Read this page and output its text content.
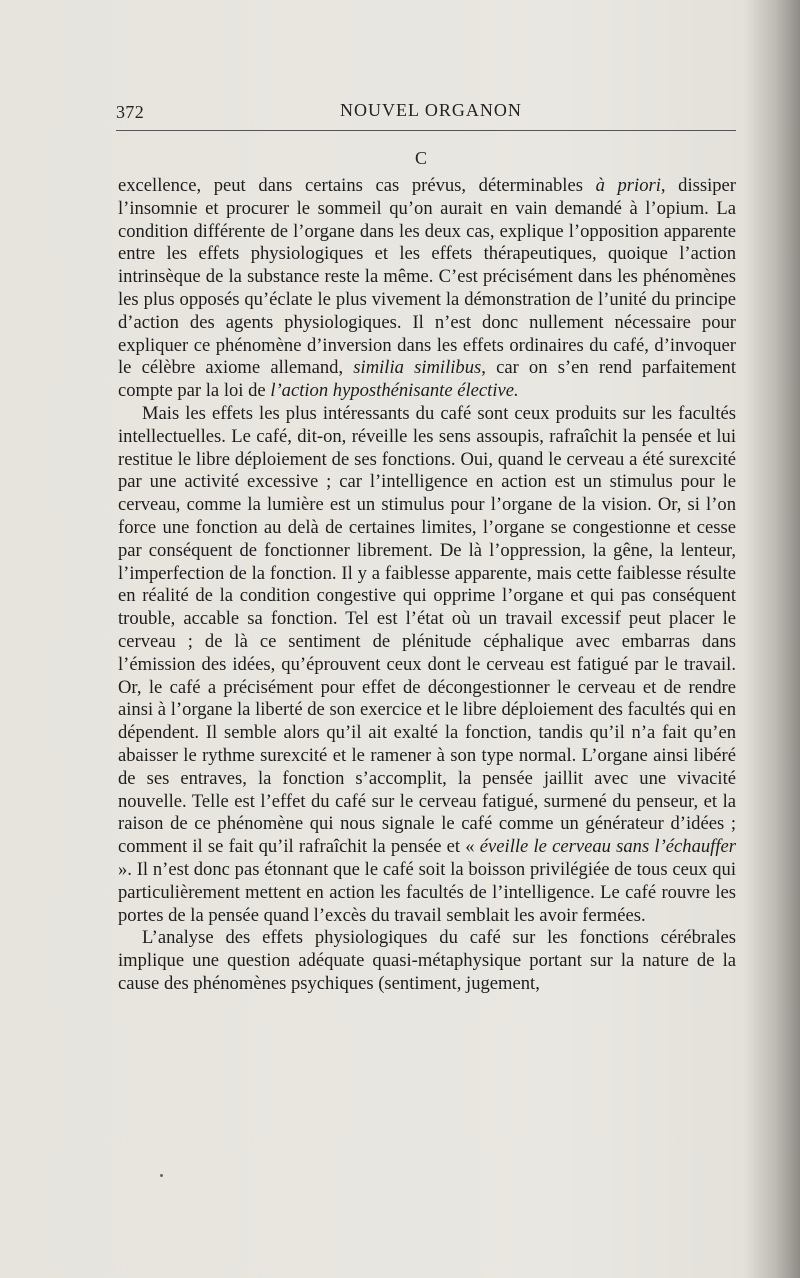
372	NOUVEL ORGANON
C

excellence, peut dans certains cas prévus, déterminables à priori, dissiper l’insomnie et procurer le sommeil qu’on aurait en vain demandé à l’opium. La condition différente de l’organe dans les deux cas, explique l’opposition apparente entre les effets physiologiques et les effets thérapeutiques, quoique l’action intrinsèque de la substance reste la même. C’est précisément dans les phénomènes les plus opposés qu’éclate le plus vivement la démonstration de l’unité du principe d’action des agents physiologiques. Il n’est donc nullement nécessaire pour expliquer ce phénomène d’inversion dans les effets ordinaires du café, d’invoquer le célèbre axiome allemand, similia similibus, car on s’en rend parfaitement compte par la loi de l’action hyposthénisante élective.

Mais les effets les plus intéressants du café sont ceux produits sur les facultés intellectuelles. Le café, dit-on, réveille les sens assoupis, rafraîchit la pensée et lui restitue le libre déploiement de ses fonctions. Oui, quand le cerveau a été surexcité par une activité excessive ; car l’intelligence en action est un stimulus pour le cerveau, comme la lumière est un stimulus pour l’organe de la vision. Or, si l’on force une fonction au delà de certaines limites, l’organe se congestionne et cesse par conséquent de fonctionner librement. De là l’oppression, la gêne, la lenteur, l’imperfection de la fonction. Il y a faiblesse apparente, mais cette faiblesse résulte en réalité de la condition congestive qui opprime l’organe et qui pas conséquent trouble, accable sa fonction. Tel est l’état où un travail excessif peut placer le cerveau ; de là ce sentiment de plénitude céphalique avec embarras dans l’émission des idées, qu’éprouvent ceux dont le cerveau est fatigué par le travail. Or, le café a précisément pour effet de décongestionner le cerveau et de rendre ainsi à l’organe la liberté de son exercice et le libre déploiement des facultés qui en dépendent. Il semble alors qu’il ait exalté la fonction, tandis qu’il n’a fait qu’en abaisser le rythme surexcité et le ramener à son type normal. L’organe ainsi libéré de ses entraves, la fonction s’accomplit, la pensée jaillit avec une vivacité nouvelle. Telle est l’effet du café sur le cerveau fatigué, surmené du penseur, et la raison de ce phénomène qui nous signale le café comme un générateur d’idées ; comment il se fait qu’il rafraîchit la pensée et « éveille le cerveau sans l’échauffer ». Il n’est donc pas étonnant que le café soit la boisson privilégiée de tous ceux qui particulièrement mettent en action les facultés de l’intelligence. Le café rouvre les portes de la pensée quand l’excès du travail semblait les avoir fermées.

L’analyse des effets physiologiques du café sur les fonctions cérébrales implique une question adéquate quasi-métaphysique portant sur la nature de la cause des phénomènes psychiques (sentiment, jugement,
